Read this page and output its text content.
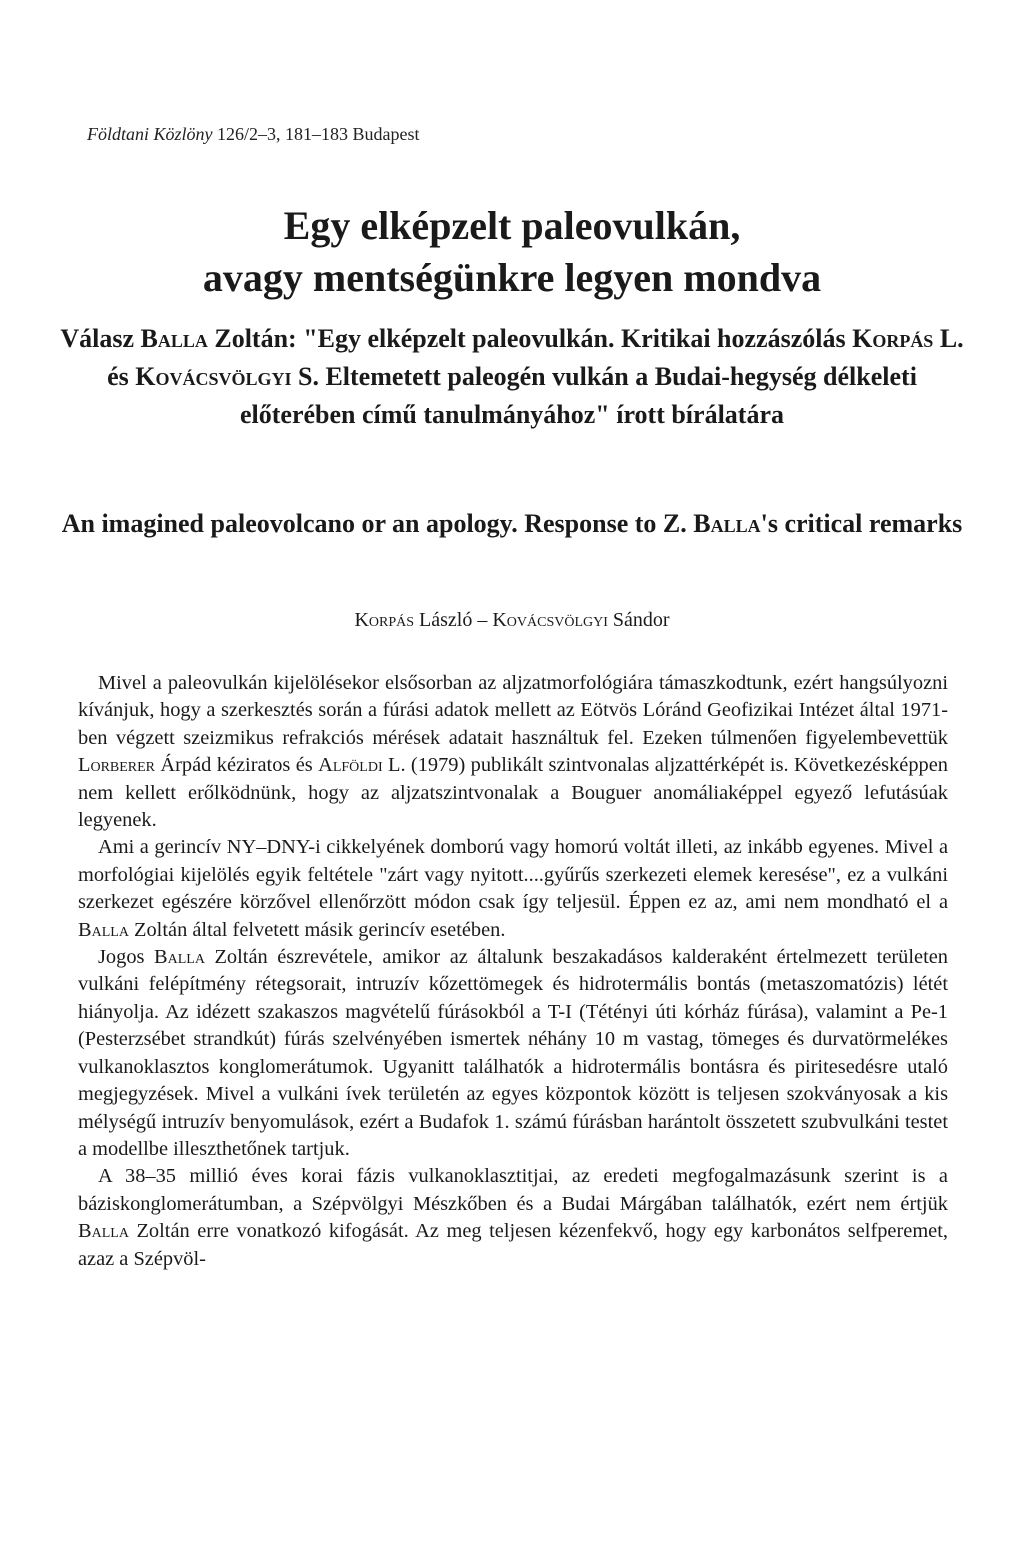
Földtani Közlöny 126/2–3, 181–183 Budapest
Egy elképzelt paleovulkán,
avagy mentségünkre legyen mondva
Válasz Balla Zoltán: "Egy elképzelt paleovulkán. Kritikai hozzászólás Korpás L. és Kovácsvölgyi S. Eltemetett paleogén vulkán a Budai-hegység délkeleti előterében című tanulmányához" írott bírálatára
An imagined paleovolcano or an apology. Response to Z. Balla's critical remarks
Korpás László – Kovácsvölgyi Sándor

Mivel a paleovulkán kijelölésekor elsősorban az aljzatmorfológiára támaszkodtunk, ezért hangsúlyozni kívánjuk, hogy a szerkesztés során a fúrási adatok mellett az Eötvös Lóránd Geofizikai Intézet által 1971-ben végzett szeizmikus refrakciós mérések adatait használtuk fel. Ezeken túlmenően figyelembevettük Lorberer Árpád kéziratos és Alföldi L. (1979) publikált szintvonalas aljzattérképét is. Következésképpen nem kellett erőlködnünk, hogy az aljzatszintvonalak a Bouguer anomáliaképpel egyező lefutásúak legyenek.

Ami a gerincív NY–DNY-i cikkelyének domború vagy homorú voltát illeti, az inkább egyenes. Mivel a morfológiai kijelölés egyik feltétele "zárt vagy nyitott....gyűrűs szerkezeti elemek keresése", ez a vulkáni szerkezet egészére körzővel ellenőrzött módon csak így teljesül. Éppen ez az, ami nem mondható el a Balla Zoltán által felvetett másik gerincív esetében.

Jogos Balla Zoltán észrevétele, amikor az általunk beszakadásos kalderaként értelmezett területen vulkáni felépítmény rétegsorait, intruzív kőzettömegek és hidrotermális bontás (metaszomatózis) létét hiányolja. Az idézett szakaszos magvételű fúrásokból a T-I (Tétényi úti kórház fúrása), valamint a Pe-1 (Pesterzsébet strandkút) fúrás szelvényében ismertek néhány 10 m vastag, tömeges és durvatörmelékes vulkanoklasztos konglomerátumok. Ugyanitt találhatók a hidrotermális bontásra és piritesedésre utaló megjegyzések. Mivel a vulkáni ívek területén az egyes központok között is teljesen szokványosak a kis mélységű intruzív benyomulások, ezért a Budafok 1. számú fúrásban harántolt összetett szubvulkáni testet a modellbe illeszthetőnek tartjuk.

A 38–35 millió éves korai fázis vulkanoklasztitjai, az eredeti megfogalmazásunk szerint is a báziskonglomerátumban, a Szépvölgyi Mészkőben és a Budai Márgában találhatók, ezért nem értjük Balla Zoltán erre vonatkozó kifogását. Az meg teljesen kézenfekvő, hogy egy karbonátos selfperemet, azaz a Szépvöl-
